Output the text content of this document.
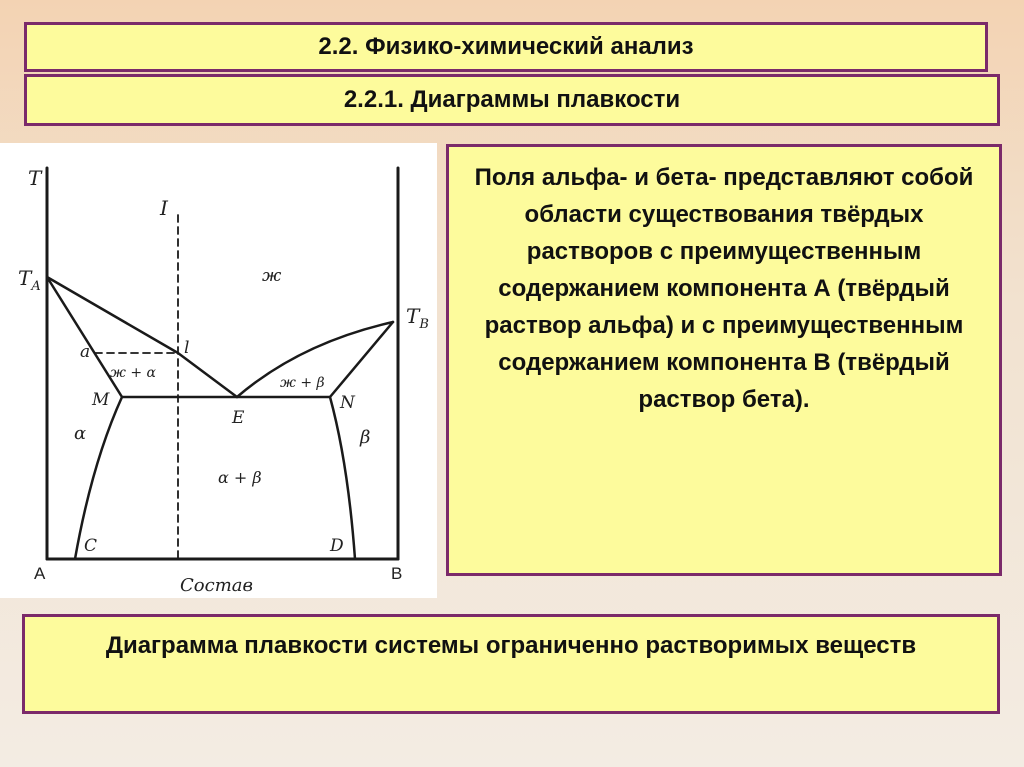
2.2. Физико-химический анализ
2.2.1. Диаграммы плавкости
T
$T_A$
$T_B$
I
ж
a	l
ж + α
ж + β
M
E
N
α	β
α + β
C	D
A	B
Состав
Поля альфа- и бета- представляют собой области существования твёрдых растворов с преимущественным содержанием компонента А (твёрдый раствор альфа) и с преимущественным содержанием компонента В (твёрдый раствор бета).
Диаграмма плавкости системы ограниченно растворимых веществ
